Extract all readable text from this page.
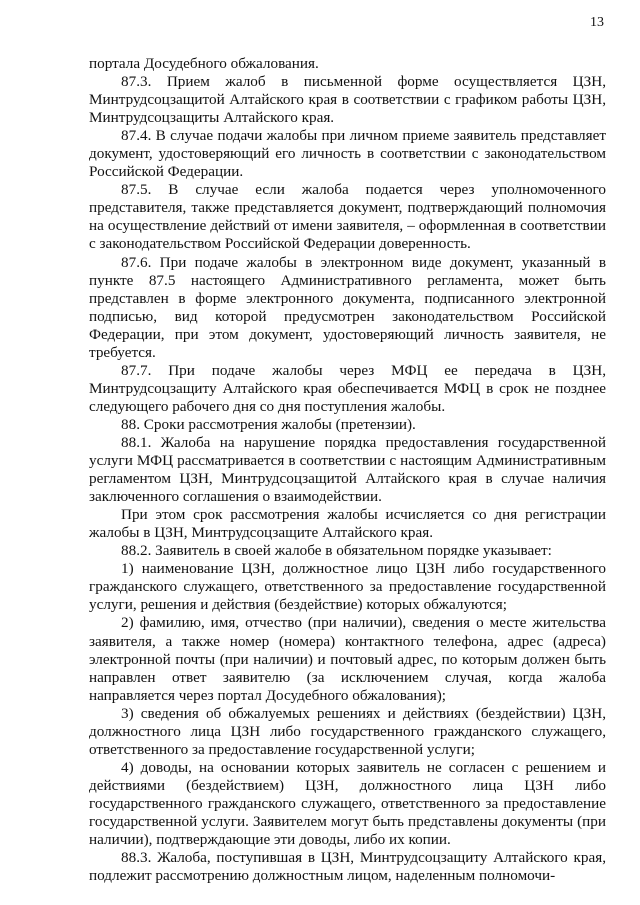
13

портала Досудебного обжалования.

87.3. Прием жалоб в письменной форме осуществляется ЦЗН, Минтрудсоцзащитой Алтайского края в соответствии с графиком работы ЦЗН, Минтрудсоцзащиты Алтайского края.

87.4. В случае подачи жалобы при личном приеме заявитель представляет документ, удостоверяющий его личность в соответствии с законодательством Российской Федерации.

87.5. В случае если жалоба подается через уполномоченного представителя, также представляется документ, подтверждающий полномочия на осуществление действий от имени заявителя, – оформленная в соответствии с законодательством Российской Федерации доверенность.

87.6. При подаче жалобы в электронном виде документ, указанный в пункте 87.5 настоящего Административного регламента, может быть представлен в форме электронного документа, подписанного электронной подписью, вид которой предусмотрен законодательством Российской Федерации, при этом документ, удостоверяющий личность заявителя, не требуется.

87.7. При подаче жалобы через МФЦ ее передача в ЦЗН, Минтрудсоцзащиту Алтайского края обеспечивается МФЦ в срок не позднее следующего рабочего дня со дня поступления жалобы.

88. Сроки рассмотрения жалобы (претензии).

88.1. Жалоба на нарушение порядка предоставления государственной услуги МФЦ рассматривается в соответствии с настоящим Административным регламентом ЦЗН, Минтрудсоцзащитой Алтайского края в случае наличия заключенного соглашения о взаимодействии.

При этом срок рассмотрения жалобы исчисляется со дня регистрации жалобы в ЦЗН, Минтрудсоцзащите Алтайского края.

88.2. Заявитель в своей жалобе в обязательном порядке указывает:

1) наименование ЦЗН, должностное лицо ЦЗН либо государственного гражданского служащего, ответственного за предоставление государственной услуги, решения и действия (бездействие) которых обжалуются;

2) фамилию, имя, отчество (при наличии), сведения о месте жительства заявителя, а также номер (номера) контактного телефона, адрес (адреса) электронной почты (при наличии) и почтовый адрес, по которым должен быть направлен ответ заявителю (за исключением случая, когда жалоба направляется через портал Досудебного обжалования);

3) сведения об обжалуемых решениях и действиях (бездействии) ЦЗН, должностного лица ЦЗН либо государственного гражданского служащего, ответственного за предоставление государственной услуги;

4) доводы, на основании которых заявитель не согласен с решением и действиями (бездействием) ЦЗН, должностного лица ЦЗН либо государственного гражданского служащего, ответственного за предоставление государственной услуги. Заявителем могут быть представлены документы (при наличии), подтверждающие эти доводы, либо их копии.

88.3. Жалоба, поступившая в ЦЗН, Минтрудсоцзащиту Алтайского края, подлежит рассмотрению должностным лицом, наделенным полномочи-
